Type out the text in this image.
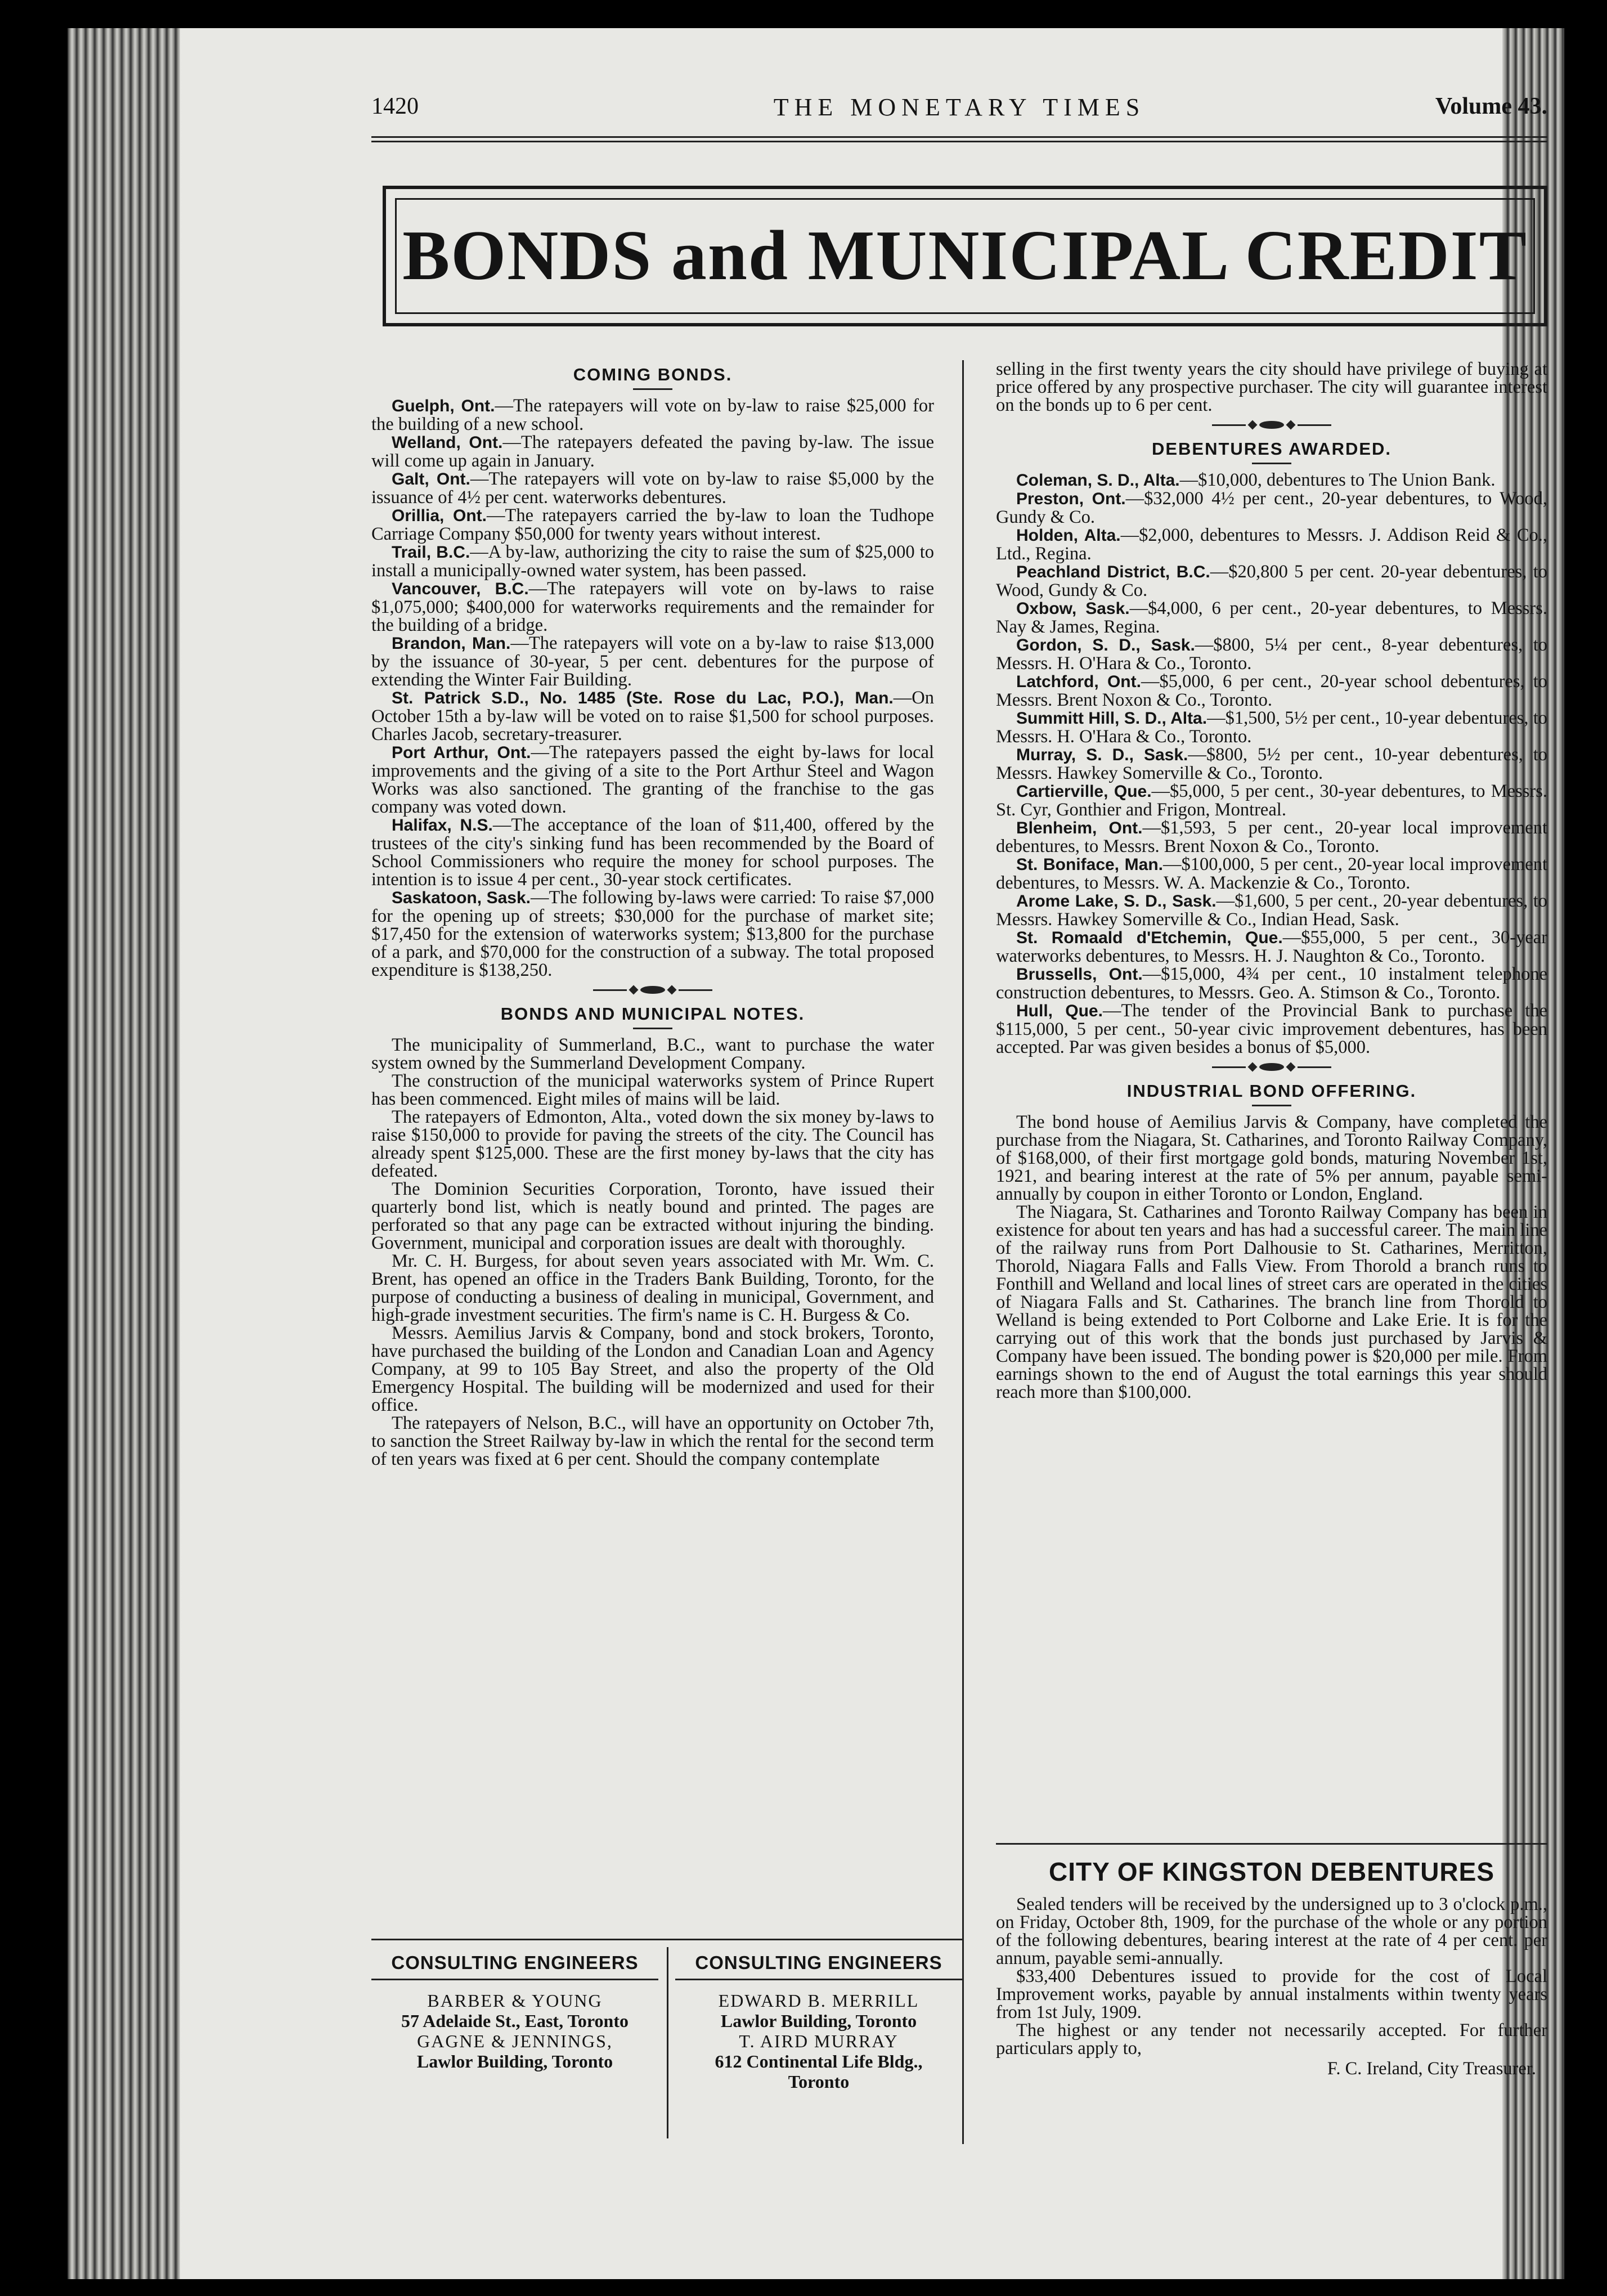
1420	THE MONETARY TIMES	Volume 43.
BONDS and MUNICIPAL CREDIT
COMING BONDS.

Guelph, Ont.—The ratepayers will vote on by-law to raise $25,000 for the building of a new school.

Welland, Ont.—The ratepayers defeated the paving by-law. The issue will come up again in January.

Galt, Ont.—The ratepayers will vote on by-law to raise $5,000 by the issuance of 4½ per cent. waterworks debentures.

Orillia, Ont.—The ratepayers carried the by-law to loan the Tudhope Carriage Company $50,000 for twenty years without interest.

Trail, B.C.—A by-law, authorizing the city to raise the sum of $25,000 to install a municipally-owned water system, has been passed.

Vancouver, B.C.—The ratepayers will vote on by-laws to raise $1,075,000; $400,000 for waterworks requirements and the remainder for the building of a bridge.

Brandon, Man.—The ratepayers will vote on a by-law to raise $13,000 by the issuance of 30-year, 5 per cent. debentures for the purpose of extending the Winter Fair Building.

St. Patrick S.D., No. 1485 (Ste. Rose du Lac, P.O.), Man.—On October 15th a by-law will be voted on to raise $1,500 for school purposes. Charles Jacob, secretary-treasurer.

Port Arthur, Ont.—The ratepayers passed the eight by-laws for local improvements and the giving of a site to the Port Arthur Steel and Wagon Works was also sanctioned. The granting of the franchise to the gas company was voted down.

Halifax, N.S.—The acceptance of the loan of $11,400, offered by the trustees of the city's sinking fund has been recommended by the Board of School Commissioners who require the money for school purposes. The intention is to issue 4 per cent., 30-year stock certificates.

Saskatoon, Sask.—The following by-laws were carried: To raise $7,000 for the opening up of streets; $30,000 for the purchase of market site; $17,450 for the extension of waterworks system; $13,800 for the purchase of a park, and $70,000 for the construction of a subway. The total proposed expenditure is $138,250.

BONDS AND MUNICIPAL NOTES.

The municipality of Summerland, B.C., want to purchase the water system owned by the Summerland Development Company.

The construction of the municipal waterworks system of Prince Rupert has been commenced. Eight miles of mains will be laid.

The ratepayers of Edmonton, Alta., voted down the six money by-laws to raise $150,000 to provide for paving the streets of the city. The Council has already spent $125,000. These are the first money by-laws that the city has defeated.

The Dominion Securities Corporation, Toronto, have issued their quarterly bond list, which is neatly bound and printed. The pages are perforated so that any page can be extracted without injuring the binding. Government, municipal and corporation issues are dealt with thoroughly.

Mr. C. H. Burgess, for about seven years associated with Mr. Wm. C. Brent, has opened an office in the Traders Bank Building, Toronto, for the purpose of conducting a business of dealing in municipal, Government, and high-grade investment securities. The firm's name is C. H. Burgess & Co.

Messrs. Aemilius Jarvis & Company, bond and stock brokers, Toronto, have purchased the building of the London and Canadian Loan and Agency Company, at 99 to 105 Bay Street, and also the property of the Old Emergency Hospital. The building will be modernized and used for their office.

The ratepayers of Nelson, B.C., will have an opportunity on October 7th, to sanction the Street Railway by-law in which the rental for the second term of ten years was fixed at 6 per cent. Should the company contemplate

selling in the first twenty years the city should have privilege of buying at price offered by any prospective purchaser. The city will guarantee interest on the bonds up to 6 per cent.

DEBENTURES AWARDED.

Coleman, S. D., Alta.—$10,000, debentures to The Union Bank.

Preston, Ont.—$32,000 4½ per cent., 20-year debentures, to Wood, Gundy & Co.

Holden, Alta.—$2,000, debentures to Messrs. J. Addison Reid & Co., Ltd., Regina.

Peachland District, B.C.—$20,800 5 per cent. 20-year debentures, to Wood, Gundy & Co.

Oxbow, Sask.—$4,000, 6 per cent., 20-year debentures, to Messrs. Nay & James, Regina.

Gordon, S. D., Sask.—$800, 5¼ per cent., 8-year debentures, to Messrs. H. O'Hara & Co., Toronto.

Latchford, Ont.—$5,000, 6 per cent., 20-year school debentures, to Messrs. Brent Noxon & Co., Toronto.

Summitt Hill, S. D., Alta.—$1,500, 5½ per cent., 10-year debentures, to Messrs. H. O'Hara & Co., Toronto.

Murray, S. D., Sask.—$800, 5½ per cent., 10-year debentures, to Messrs. Hawkey Somerville & Co., Toronto.

Cartierville, Que.—$5,000, 5 per cent., 30-year debentures, to Messrs. St. Cyr, Gonthier and Frigon, Montreal.

Blenheim, Ont.—$1,593, 5 per cent., 20-year local improvement debentures, to Messrs. Brent Noxon & Co., Toronto.

St. Boniface, Man.—$100,000, 5 per cent., 20-year local improvement debentures, to Messrs. W. A. Mackenzie & Co., Toronto.

Arome Lake, S. D., Sask.—$1,600, 5 per cent., 20-year debentures, to Messrs. Hawkey Somerville & Co., Indian Head, Sask.

St. Romaald d'Etchemin, Que.—$55,000, 5 per cent., 30-year waterworks debentures, to Messrs. H. J. Naughton & Co., Toronto.

Brussells, Ont.—$15,000, 4¾ per cent., 10 instalment telephone construction debentures, to Messrs. Geo. A. Stimson & Co., Toronto.

Hull, Que.—The tender of the Provincial Bank to purchase the $115,000, 5 per cent., 50-year civic improvement debentures, has been accepted. Par was given besides a bonus of $5,000.

INDUSTRIAL BOND OFFERING.

The bond house of Aemilius Jarvis & Company, have completed the purchase from the Niagara, St. Catharines, and Toronto Railway Company, of $168,000, of their first mortgage gold bonds, maturing November 1st, 1921, and bearing interest at the rate of 5% per annum, payable semi-annually by coupon in either Toronto or London, England.

The Niagara, St. Catharines and Toronto Railway Company has been in existence for about ten years and has had a successful career. The main line of the railway runs from Port Dalhousie to St. Catharines, Merritton, Thorold, Niagara Falls and Falls View. From Thorold a branch runs to Fonthill and Welland and local lines of street cars are operated in the cities of Niagara Falls and St. Catharines. The branch line from Thorold to Welland is being extended to Port Colborne and Lake Erie. It is for the carrying out of this work that the bonds just purchased by Jarvis & Company have been issued. The bonding power is $20,000 per mile. From earnings shown to the end of August the total earnings this year should reach more than $100,000.

CITY OF KINGSTON DEBENTURES

Sealed tenders will be received by the undersigned up to 3 o'clock p.m., on Friday, October 8th, 1909, for the purchase of the whole or any portion of the following debentures, bearing interest at the rate of 4 per cent. per annum, payable semi-annually.

$33,400 Debentures issued to provide for the cost of Local Improvement works, payable by annual instalments within twenty years from 1st July, 1909.

The highest or any tender not necessarily accepted. For further particulars apply to,

F. C. Ireland, City Treasurer.
CONSULTING ENGINEERS
BARBER & YOUNG
57 Adelaide St., East, Toronto
GAGNE & JENNINGS,
Lawlor Building, Toronto
CONSULTING ENGINEERS
EDWARD B. MERRILL
Lawlor Building, Toronto
T. AIRD MURRAY
612 Continental Life Bldg.,
Toronto
